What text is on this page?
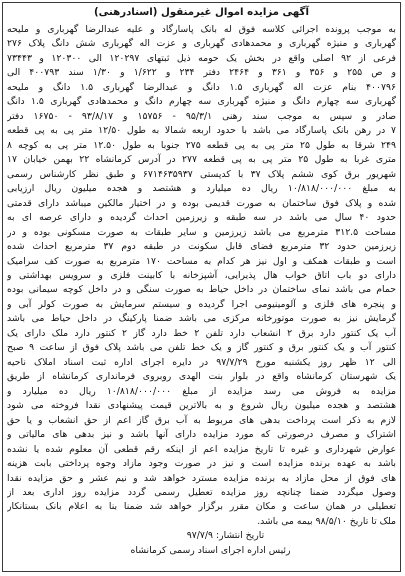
آگهی مزایده اموال غیرمنقول (اسنادرهنی)
به موجب پرونده اجرائی کلاسه فوق له بانک پاسارگاد و علیه عبدالرضا گهرباری و ملیحه
گهرباری و منیژه گهرباری و محمدهادی گهرباری و عزت اله گهرباری شش دانگ پلاک ۲۷۶
فرعی از ۹۲ اصلی واقع در بخش یک حومه ذیل ثبتهای ۱۲۰۲۹۷ الی ۱۲۰۳۰۰ و ۷۳۴۴۳
و ص ۲۵۵ و ۳۵۶ و ۳۶۱ و ۲۴۶۴ دفتر ۲۳۴ و ۱/۶۲۲ و ۱/۳۰ سند ۴۰۰۷۹۳ الی
۴۰۰۷۹۶ بنام عزت اله گهرباری ۱.۵ دانگ و عبدالرضا گهرباری ۱.۵ دانگ و ملیحه
گهرباری سه چهارم دانگ و منیژه گهرباری سه چهارم دانگ و محمدهادی گهرباری ۱.۵ دانگ
صادر و سپس به موجب سند رهنی ۹۵/۳/۱ - ۱۵۷۵۶ و ۹۳/۸/۱۷ - ۱۶۷۵۰ دفتر
۷ در رهن بانک پاسارگاد می باشد با حدود اربعه شمالا به طول ۱۲/۵۰ متر پی به پی قطعه
۲۴۹ شرقا به طول ۲۵ متر پی به پی قطعه ۲۷۵ جنوبا به طول ۱۲.۵۰ متر پی به کوچه ۸
متری غربا به طول ۲۵ متر پی به پی قطعه ۲۷۷ در آدرس کرمانشاه ۲۲ بهمن خیابان ۱۷
شهریور برق کوی ششم پلاک ۳۷ با کدپستی ۶۷۱۴۶۳۵۹۳۷ و طبق نظر کارشناس رسمی
به مبلغ ۱۰/۸۱۸/۰۰۰/۰۰۰ ریال ده میلیارد و هشتصد و هجده میلیون ریال ارزیابی
شده و پلاک فوق ساختمان به صورت قدیمی بوده و در اختیار مالکین میباشد دارای قدمتی
حدود ۴۰ سال می باشد در سه طبقه و زیرزمین احداث گردیده و دارای عرصه ای به
مساحت ۳۱۲.۵ مترمربع می باشد زیرزمین و سایر طبقات به صورت مسکونی بوده و در
زیرزمین حدود ۳۲ مترمربع فضای قابل سکونت در طبقه دوم ۳۷ مترمربع احداث شده
است و طبقات همکف و اول نیز هر کدام به مساحت ۱۷۰ مترمربع به صورت کف سرامیک
دارای دو باب اتاق خواب هال پذیرایی، آشپزخانه با کابینت فلزی و سرویس بهداشتی و
حمام می باشد نمای ساختمان در داخل حیاط به صورت سنگی و در داخل کوچه سیمانی بوده
و پنجره های فلزی و آلومینیومی اجرا گردیده و سیستم سرمایش به صورت کولر آبی و
گرمایش نیز به صورت موتورخانه مرکزی می باشد ضمنا پارکینگ در داخل حیاط می باشد
آب یک کنتور دارد برق ۲ انشعاب دارد تلفن ۲ خط دارد گاز ۲ کنتور دارد ملک دارای یک
کنتور آب و یک کنتور برق و کنتور گاز و یک خط تلفن می باشد پلاک فوق از ساعت ۹ صبح
الی ۱۲ ظهر روز یکشنبه مورخ ۹۷/۷/۲۹ در دایره اجرای اداره ثبت اسناد املاک ناحیه
یک شهرستان کرمانشاه واقع در بلوار بنت الهدی روبروی فرمانداری کرمانشاه از طریق
مزایده به فروش می رسد مزایده از مبلغ ۱۰/۸۱۸/۰۰۰/۰۰۰ ریال ده میلیارد و
هشتصد و هجده میلیون ریال شروع و به بالاترین قیمت پیشنهادی نقدا فروخته می شود
لازم به ذکر است پرداخت بدهی های مربوط به آب برق گاز اعم از حق انشعاب و یا حق
اشتراک و مصرف درصورتی که مورد مزایده دارای آنها باشد و نیز بدهی های مالیاتی و
عوارض شهرداری و غیره تا تاریخ مزایده اعم از اینکه رقم قطعی آن معلوم شده یا نشده
باشد به عهده برنده مزایده است و نیز در صورت وجود مازاد وجوه پرداختی بابت هزینه
های فوق از محل مازاد به برنده مزایده مسترد خواهد شد و نیم عشر و حق مزایده نقدا
وصول میگردد ضمنا چنانچه روز مزایده تعطیل رسمی گردد مزایده روز اداری بعد از
تعطیلی در همان ساعت و مکان مقرر برگزار خواهد شد ضمنا بنا به اعلام بانک بستانکار
ملک تا تاریخ ۹۸/۵/۱۰ بیمه می باشد.
تاریخ انتشار: ۹۷/۷/۹
رئیس اداره اجرای اسناد رسمی کرمانشاه
